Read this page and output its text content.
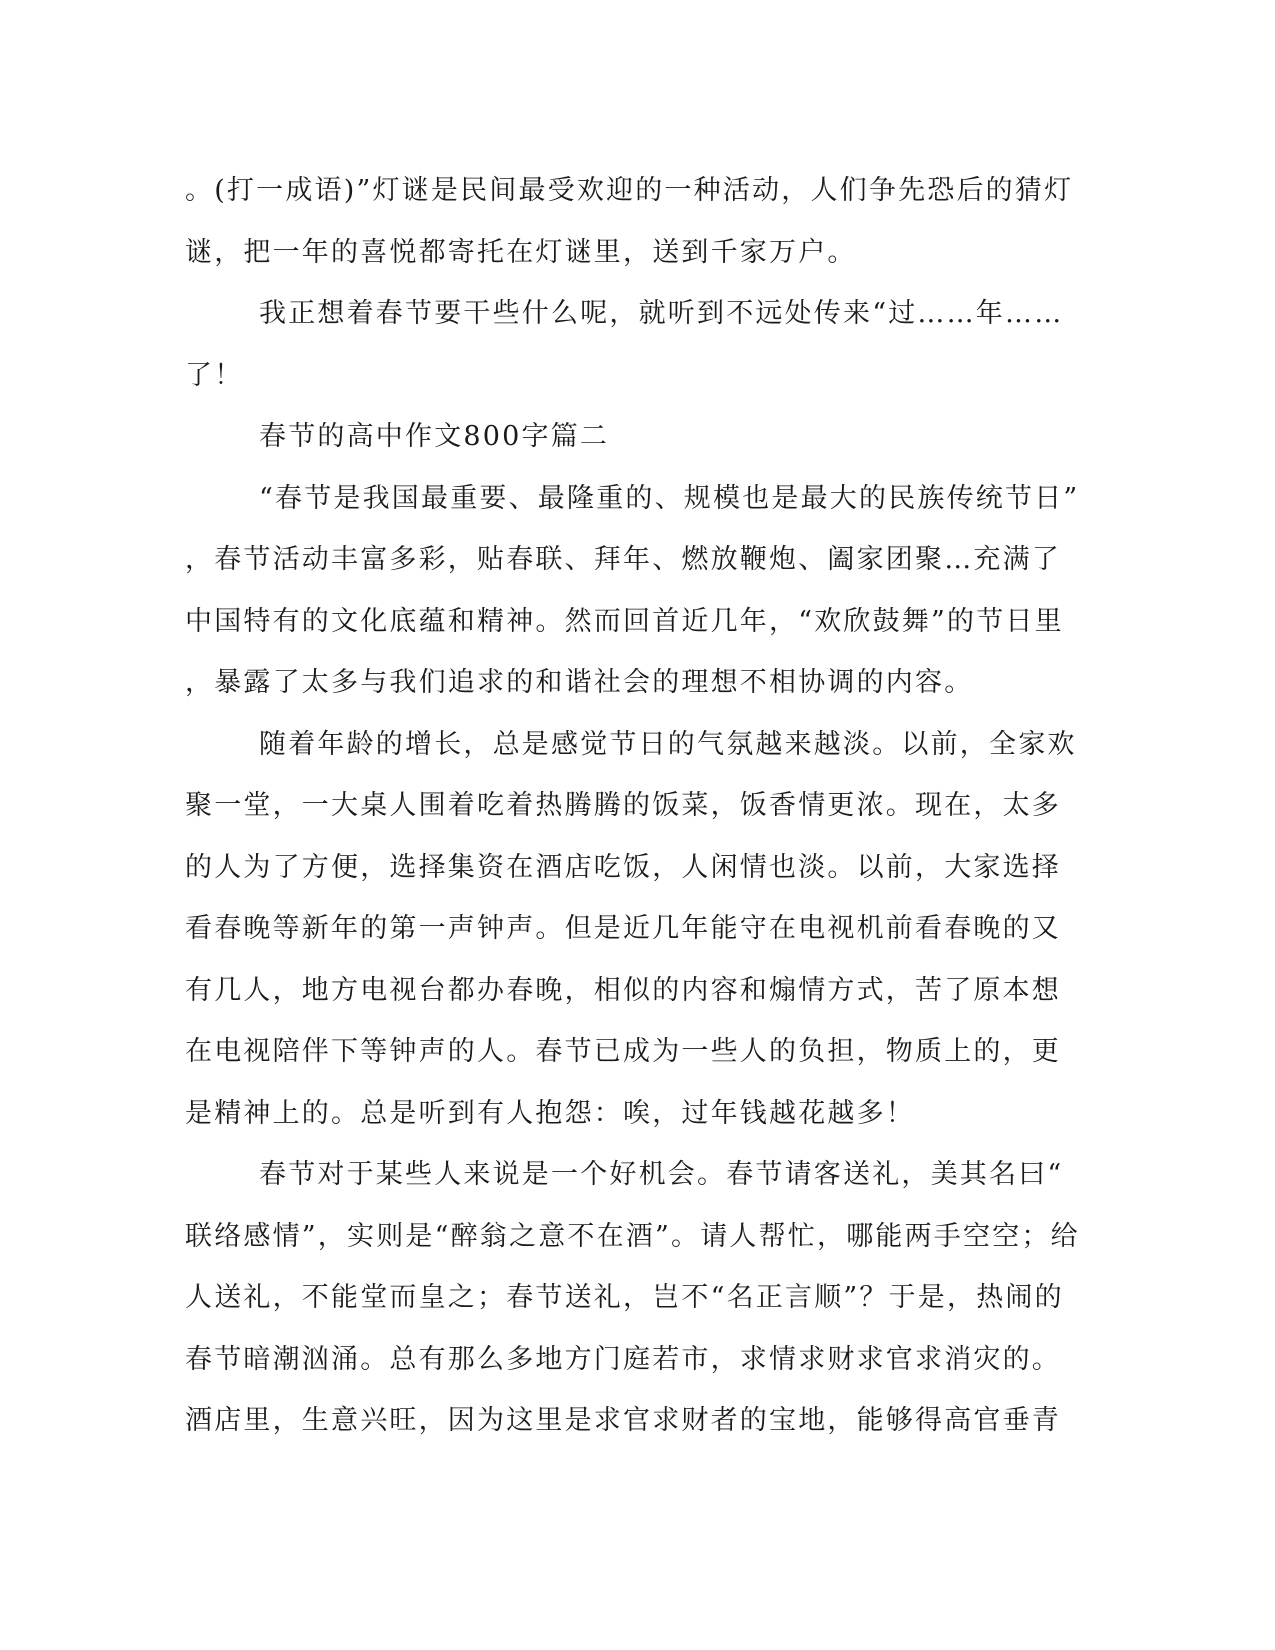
。(打一成语)”灯谜是民间最受欢迎的一种活动，人们争先恐后的猜灯
谜，把一年的喜悦都寄托在灯谜里，送到千家万户。
我正想着春节要干些什么呢，就听到不远处传来“过……年……
了！
春节的高中作文800字篇二
“春节是我国最重要、最隆重的、规模也是最大的民族传统节日”
，春节活动丰富多彩，贴春联、拜年、燃放鞭炮、阖家团聚…充满了
中国特有的文化底蕴和精神。然而回首近几年，“欢欣鼓舞”的节日里
，暴露了太多与我们追求的和谐社会的理想不相协调的内容。
随着年龄的增长，总是感觉节日的气氛越来越淡。以前，全家欢
聚一堂，一大桌人围着吃着热腾腾的饭菜，饭香情更浓。现在，太多
的人为了方便，选择集资在酒店吃饭，人闲情也淡。以前，大家选择
看春晚等新年的第一声钟声。但是近几年能守在电视机前看春晚的又
有几人，地方电视台都办春晚，相似的内容和煽情方式，苦了原本想
在电视陪伴下等钟声的人。春节已成为一些人的负担，物质上的，更
是精神上的。总是听到有人抱怨：唉，过年钱越花越多！
春节对于某些人来说是一个好机会。春节请客送礼，美其名曰“
联络感情”，实则是“醉翁之意不在酒”。请人帮忙，哪能两手空空；给
人送礼，不能堂而皇之；春节送礼，岂不“名正言顺”？于是，热闹的
春节暗潮汹涌。总有那么多地方门庭若市，求情求财求官求消灾的。
酒店里，生意兴旺，因为这里是求官求财者的宝地，能够得高官垂青
